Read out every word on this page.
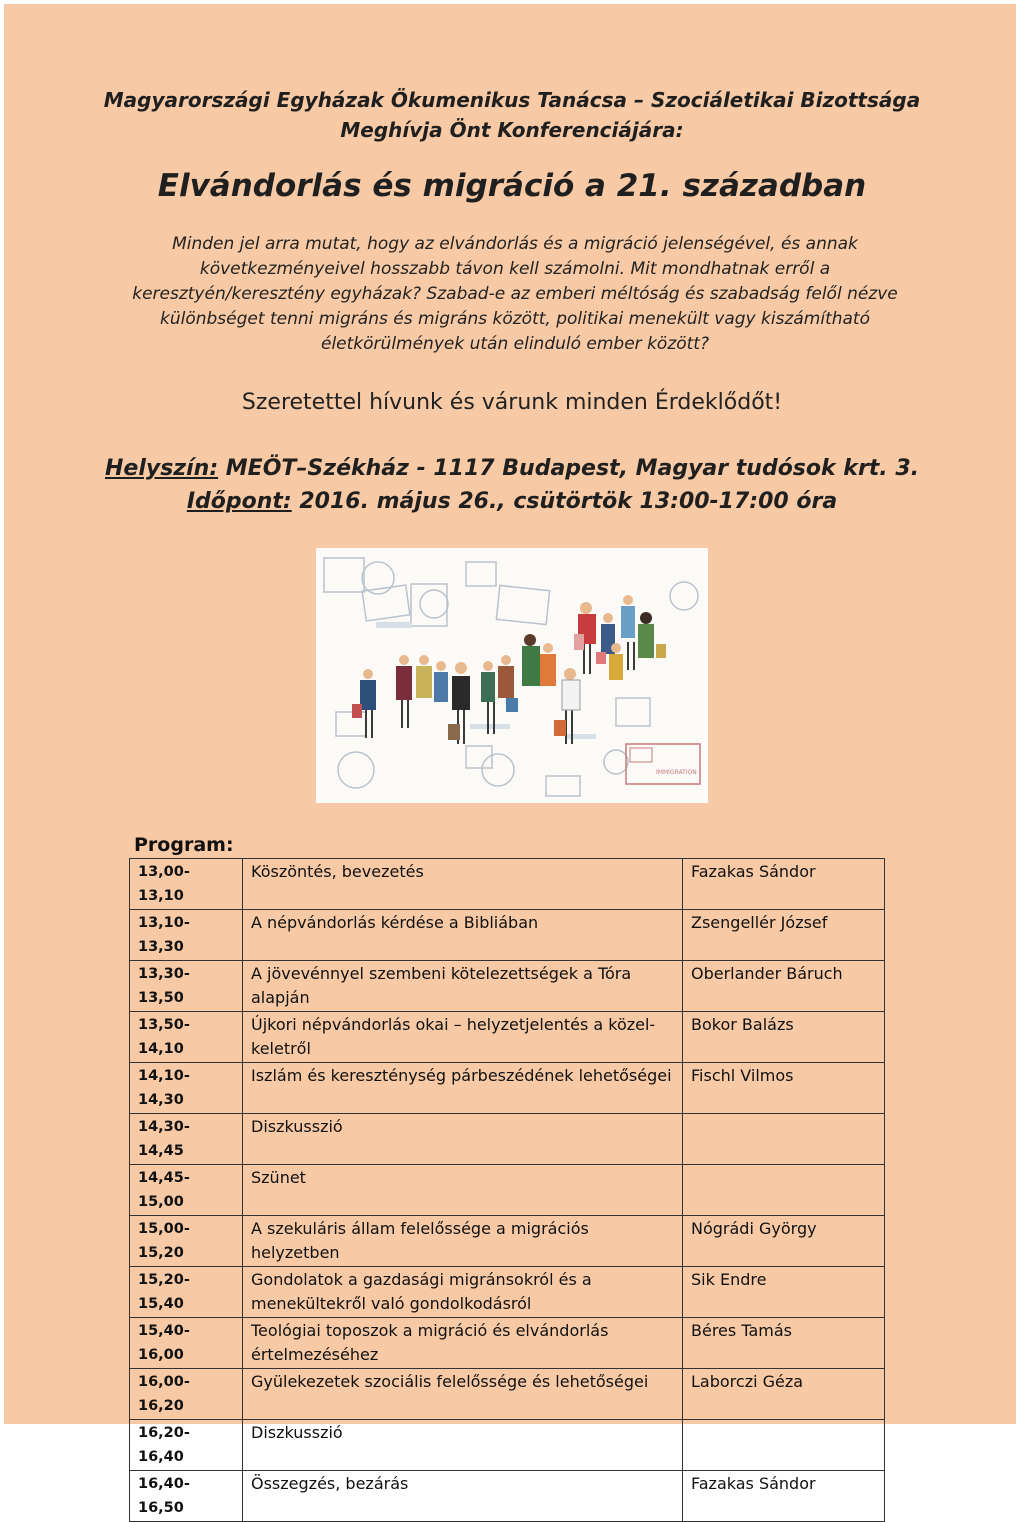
Magyarországi Egyházak Ökumenikus Tanácsa – Szociáletikai Bizottsága

Meghívja Önt Konferenciájára:

Elvándorlás és migráció a 21. században
Minden jel arra mutat, hogy az elvándorlás és a migráció jelenségével, és annak
következményeivel hosszabb távon kell számolni. Mit mondhatnak erről a
keresztyén/keresztény egyházak? Szabad-e az emberi méltóság és szabadság felől nézve
különbséget tenni migráns és migráns között, politikai menekült vagy kiszámítható
életkörülmények után elinduló ember között?

Szeretettel hívunk és várunk minden Érdeklődőt!

Helyszín: MEÖT–Székház - 1117 Budapest, Magyar tudósok krt. 3.

Időpont: 2016. május 26., csütörtök 13:00-17:00 óra

IMMIGRATION

Program:

13,00-13,10	Köszöntés, bevezetés	Fazakas Sándor
13,10-13,30	A népvándorlás kérdése a Bibliában	Zsengellér József
13,30-13,50	A jövevénnyel szembeni kötelezettségek a Tóra alapján	Oberlander Báruch
13,50-14,10	Újkori népvándorlás okai – helyzetjelentés a közel-keletről	Bokor Balázs
14,10-14,30	Iszlám és kereszténység párbeszédének lehetőségei	Fischl Vilmos
14,30-14,45	Diszkusszió	
14,45-15,00	Szünet	
15,00-15,20	A szekuláris állam felelőssége a migrációs helyzetben	Nógrádi György
15,20-15,40	Gondolatok a gazdasági migránsokról és a menekültekről való gondolkodásról	Sik Endre
15,40-16,00	Teológiai toposzok a migráció és elvándorlás értelmezéséhez	Béres Tamás
16,00-16,20	Gyülekezetek szociális felelőssége és lehetőségei	Laborczi Géza
16,20-16,40	Diszkusszió	
16,40-16,50	Összegzés, bezárás	Fazakas Sándor
